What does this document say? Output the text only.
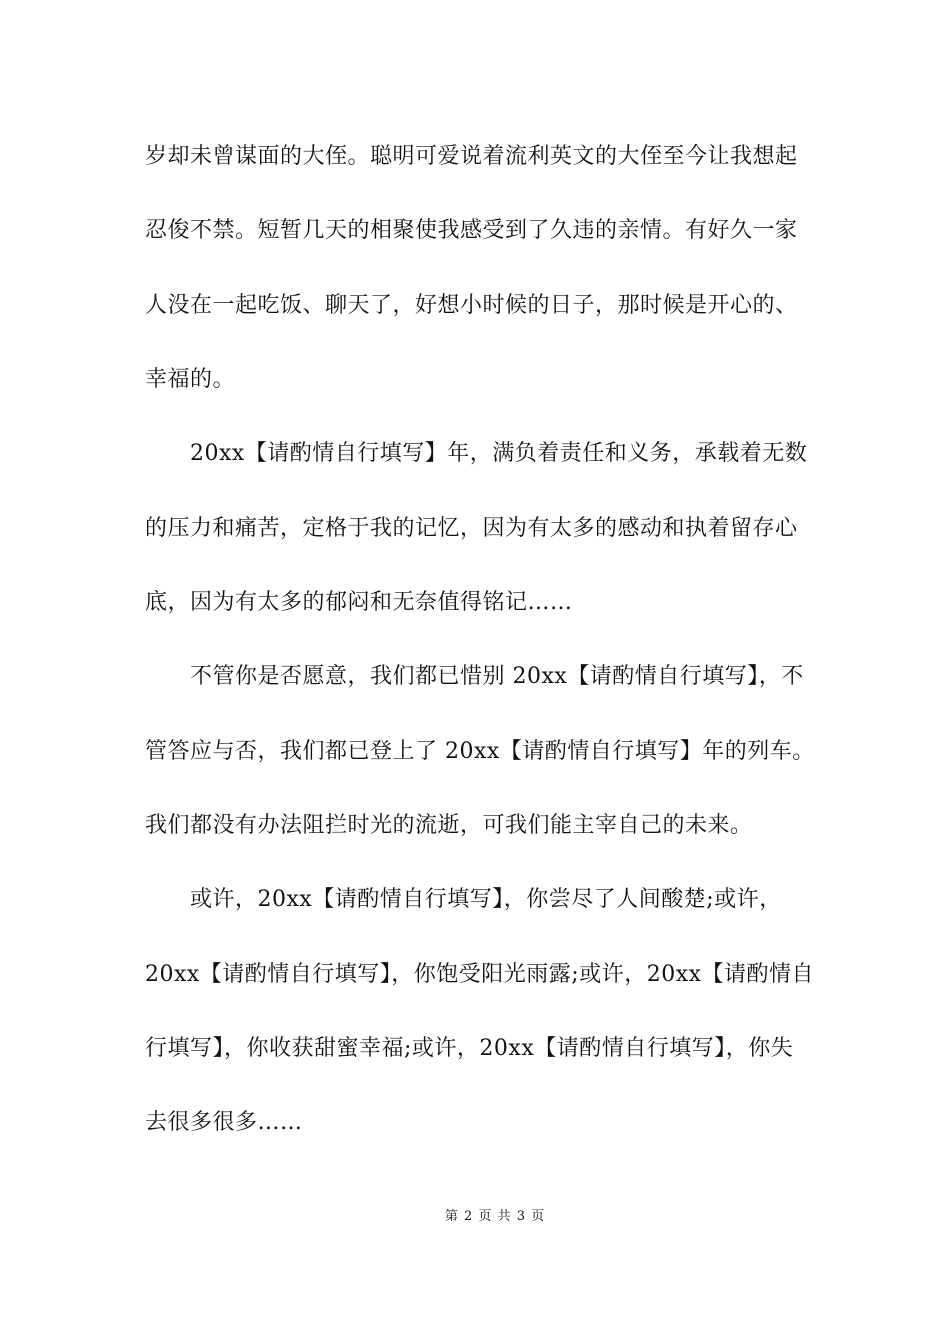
岁却未曾谋面的大侄。聪明可爱说着流利英文的大侄至今让我想起
忍俊不禁。短暂几天的相聚使我感受到了久违的亲情。有好久一家
人没在一起吃饭、聊天了，好想小时候的日子，那时候是开心的、
幸福的。
20xx【请酌情自行填写】年，满负着责任和义务，承载着无数
的压力和痛苦，定格于我的记忆，因为有太多的感动和执着留存心
底，因为有太多的郁闷和无奈值得铭记……
不管你是否愿意，我们都已惜别 20xx【请酌情自行填写】，不
管答应与否，我们都已登上了 20xx【请酌情自行填写】年的列车。
我们都没有办法阻拦时光的流逝，可我们能主宰自己的未来。
或许，20xx【请酌情自行填写】，你尝尽了人间酸楚;或许，
20xx【请酌情自行填写】，你饱受阳光雨露;或许，20xx【请酌情自
行填写】，你收获甜蜜幸福;或许，20xx【请酌情自行填写】，你失
去很多很多……
第 2 页 共 3 页
